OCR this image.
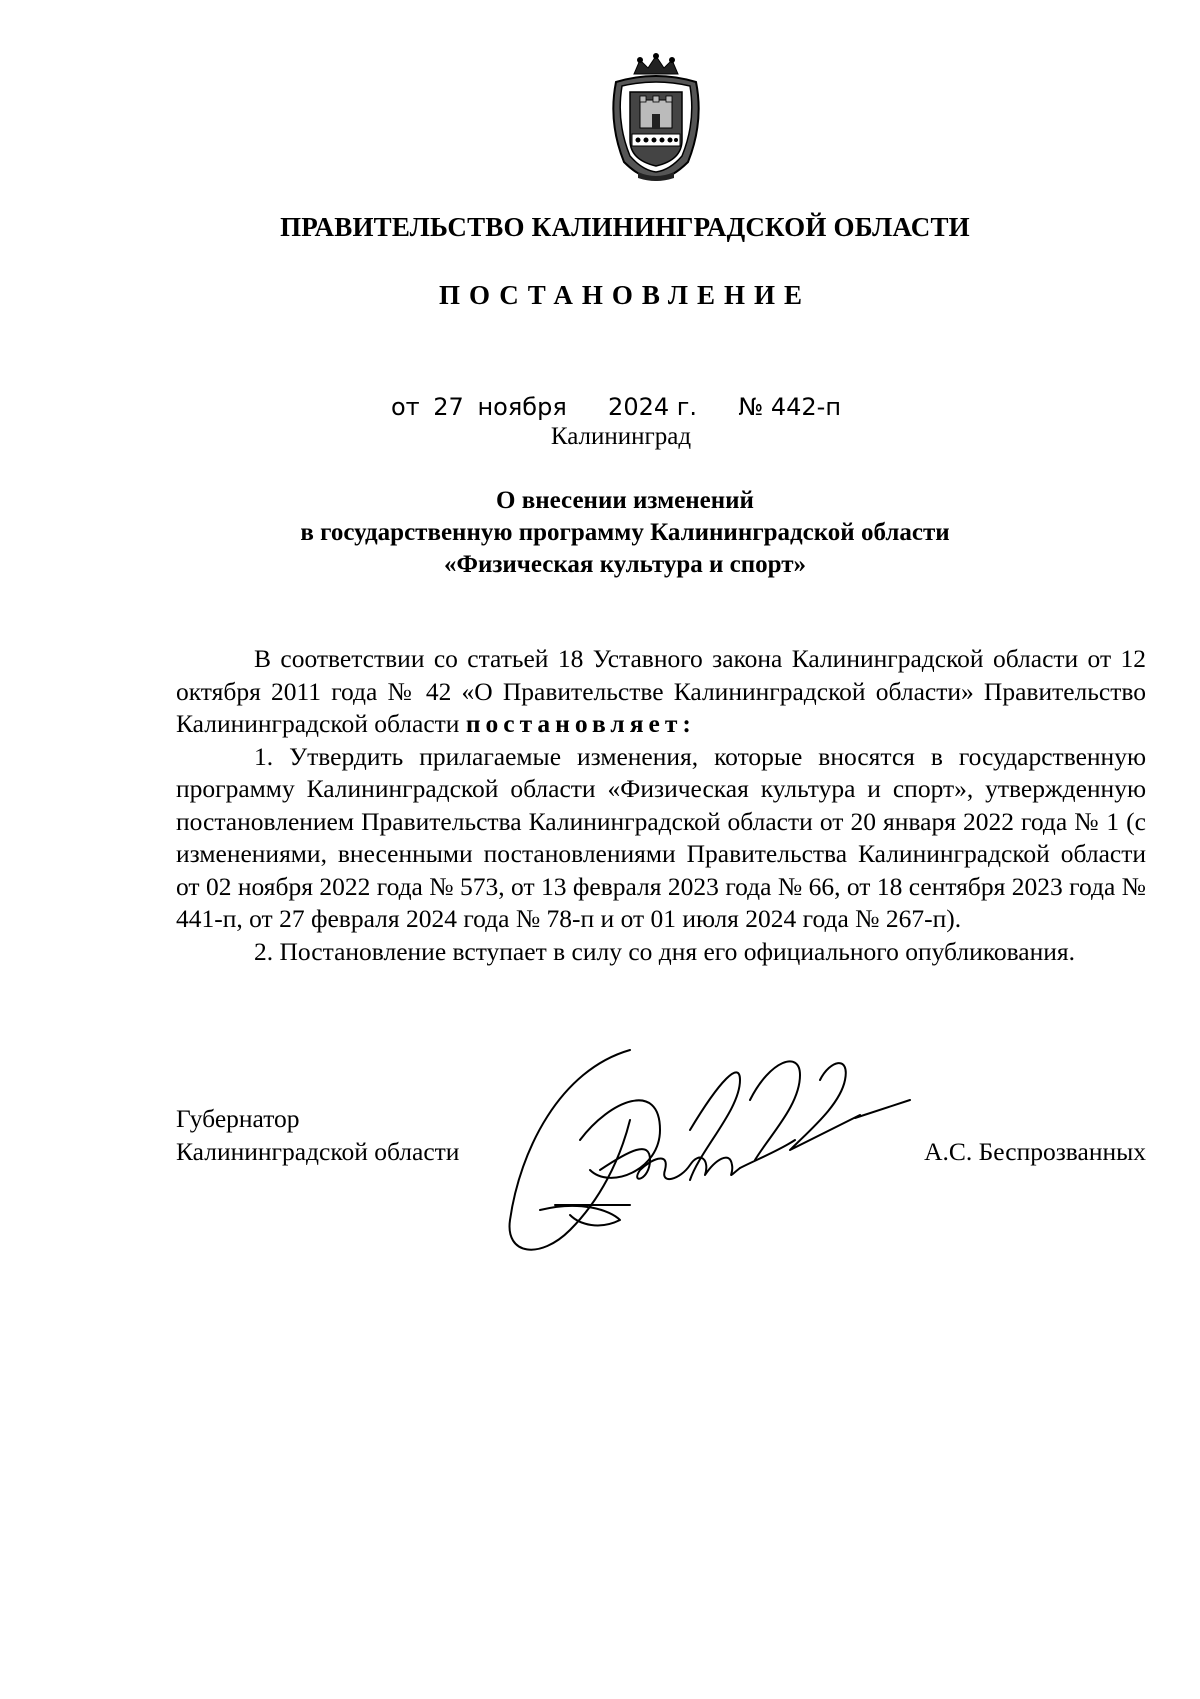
ПРАВИТЕЛЬСТВО КАЛИНИНГРАДСКОЙ ОБЛАСТИ
ПОСТАНОВЛЕНИЕ
от 27 ноября 2024 г. № 442-п
Калининград
О внесении изменений
в государственную программу Калининградской области
«Физическая культура и спорт»

В соответствии со статьей 18 Уставного закона Калининградской области от 12 октября 2011 года № 42 «О Правительстве Калининградской области» Правительство Калининградской области постановляет:

1. Утвердить прилагаемые изменения, которые вносятся в государственную программу Калининградской области «Физическая культура и спорт», утвержденную постановлением Правительства Калининградской области от 20 января 2022 года № 1 (с изменениями, внесенными постановлениями Правительства Калининградской области от 02 ноября 2022 года № 573, от 13 февраля 2023 года № 66, от 18 сентября 2023 года № 441-п, от 27 февраля 2024 года № 78-п и от 01 июля 2024 года № 267-п).

2. Постановление вступает в силу со дня его официального опубликования.

Губернатор
Калининградской области	А.С. Беспрозванных
